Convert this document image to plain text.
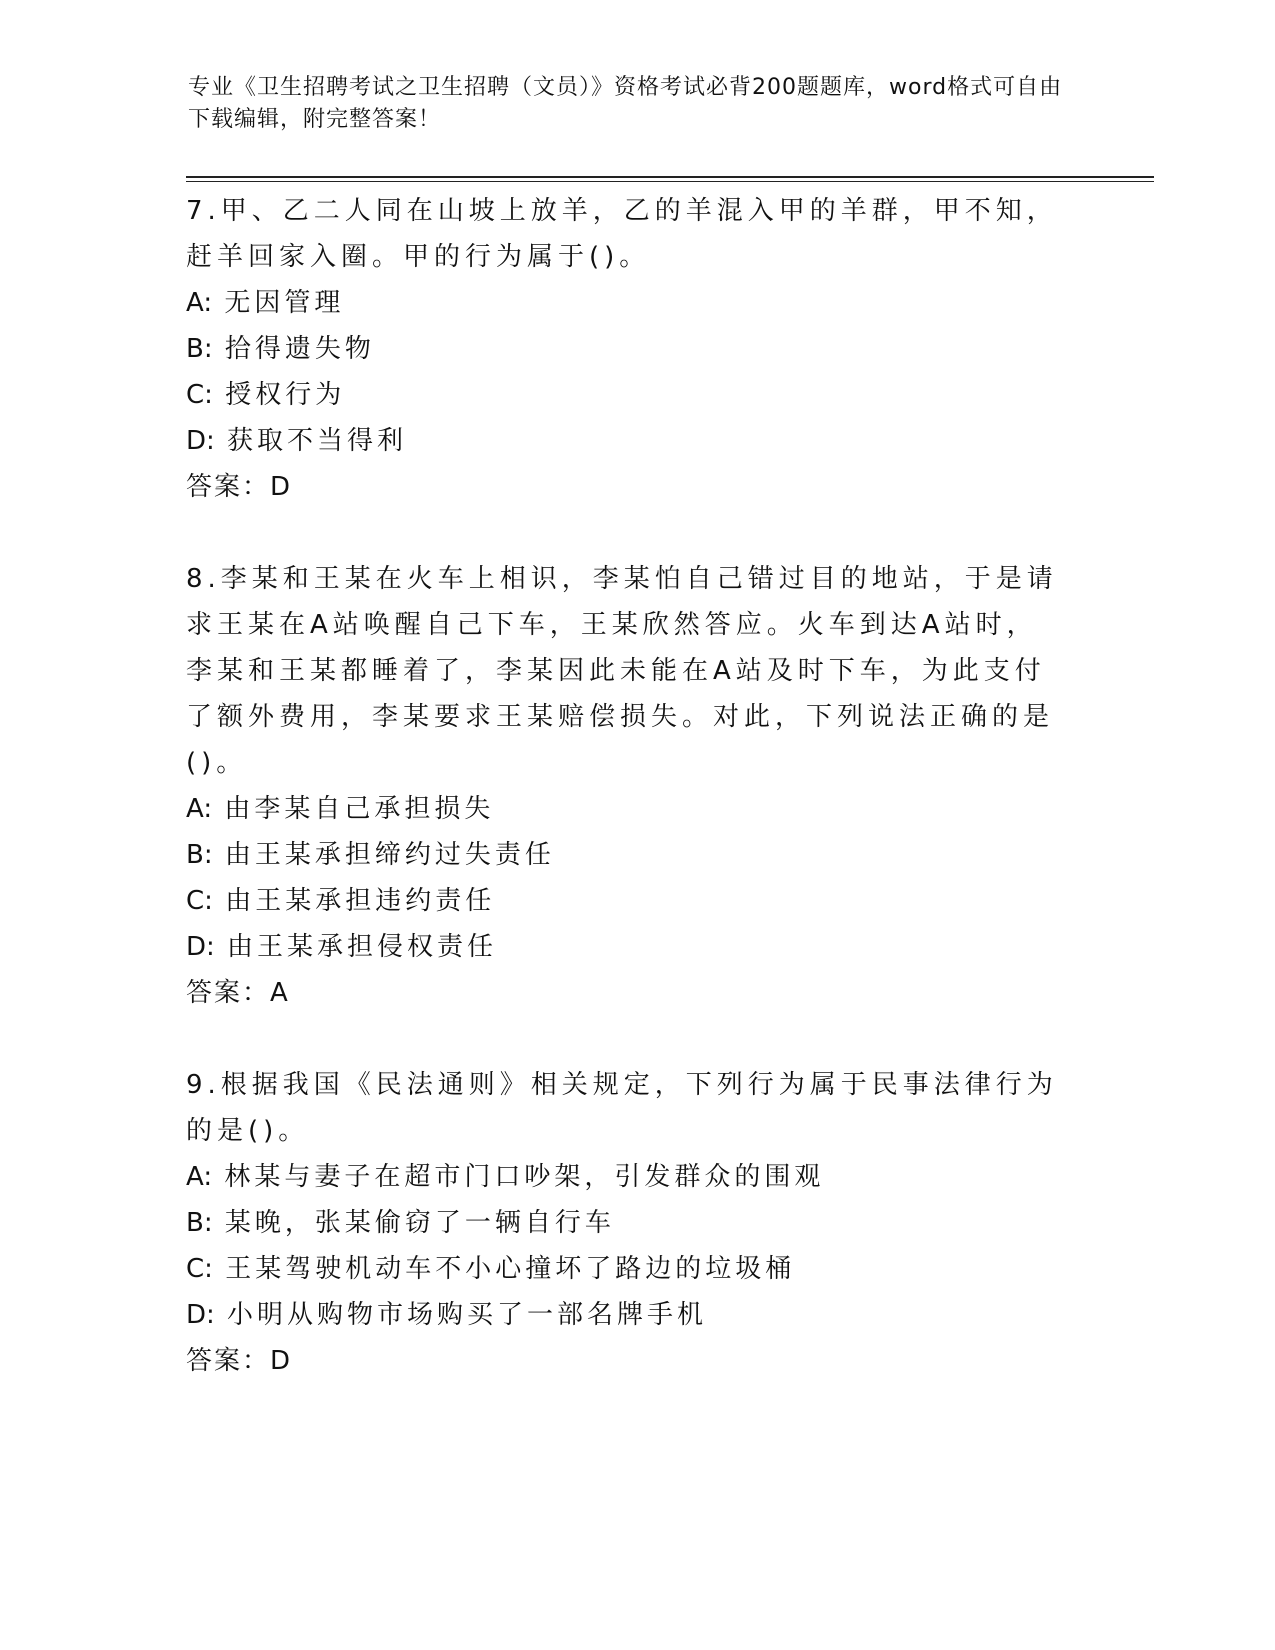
专业《卫生招聘考试之卫生招聘（文员）》资格考试必背200题题库，word格式可自由下载编辑，附完整答案！

7.甲、乙二人同在山坡上放羊，乙的羊混入甲的羊群，甲不知，赶羊回家入圈。甲的行为属于()。

A: 无因管理

B: 拾得遗失物

C: 授权行为

D: 获取不当得利

答案：D

8.李某和王某在火车上相识，李某怕自己错过目的地站，于是请求王某在A站唤醒自己下车，王某欣然答应。火车到达A站时，李某和王某都睡着了，李某因此未能在A站及时下车，为此支付了额外费用，李某要求王某赔偿损失。对此，下列说法正确的是()。

A: 由李某自己承担损失

B: 由王某承担缔约过失责任

C: 由王某承担违约责任

D: 由王某承担侵权责任

答案：A

9.根据我国《民法通则》相关规定，下列行为属于民事法律行为的是()。

A: 林某与妻子在超市门口吵架，引发群众的围观

B: 某晚，张某偷窃了一辆自行车

C: 王某驾驶机动车不小心撞坏了路边的垃圾桶

D: 小明从购物市场购买了一部名牌手机

答案：D
